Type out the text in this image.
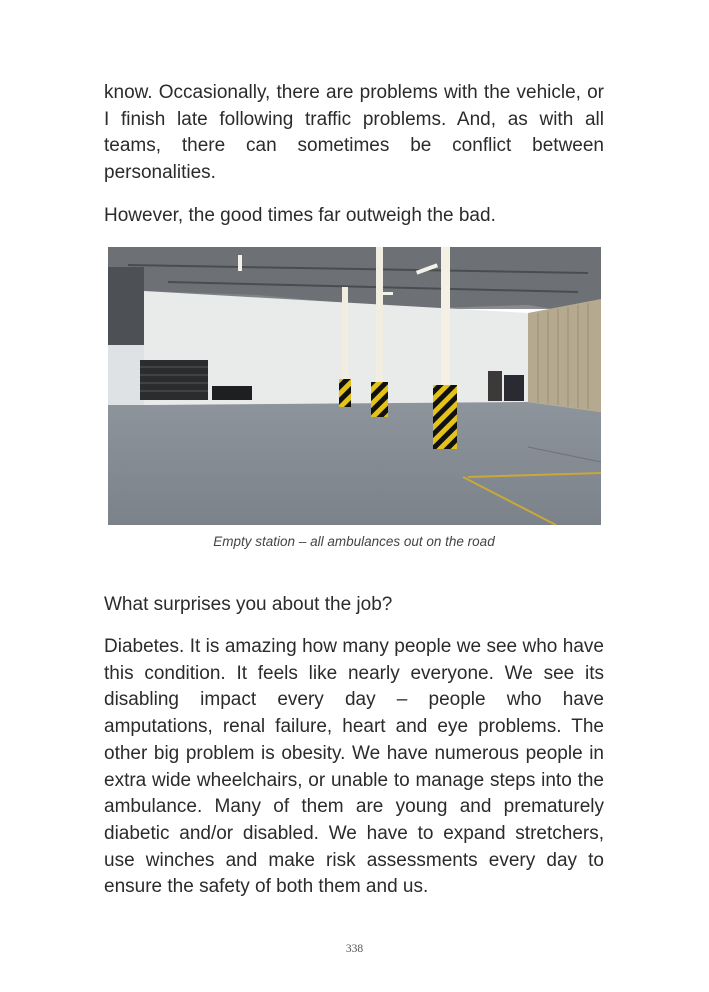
know. Occasionally, there are problems with the vehicle, or I finish late following traffic problems. And, as with all teams, there can sometimes be conflict between personalities.

However, the good times far outweigh the bad.

Empty station – all ambulances out on the road

What surprises you about the job?

Diabetes. It is amazing how many people we see who have this condition. It feels like nearly everyone. We see its disabling impact every day – people who have amputations, renal failure, heart and eye problems. The other big problem is obesity. We have numerous people in extra wide wheelchairs, or unable to manage steps into the ambulance. Many of them are young and prematurely diabetic and/or disabled. We have to expand stretchers, use winches and make risk assessments every day to ensure the safety of both them and us.

338
